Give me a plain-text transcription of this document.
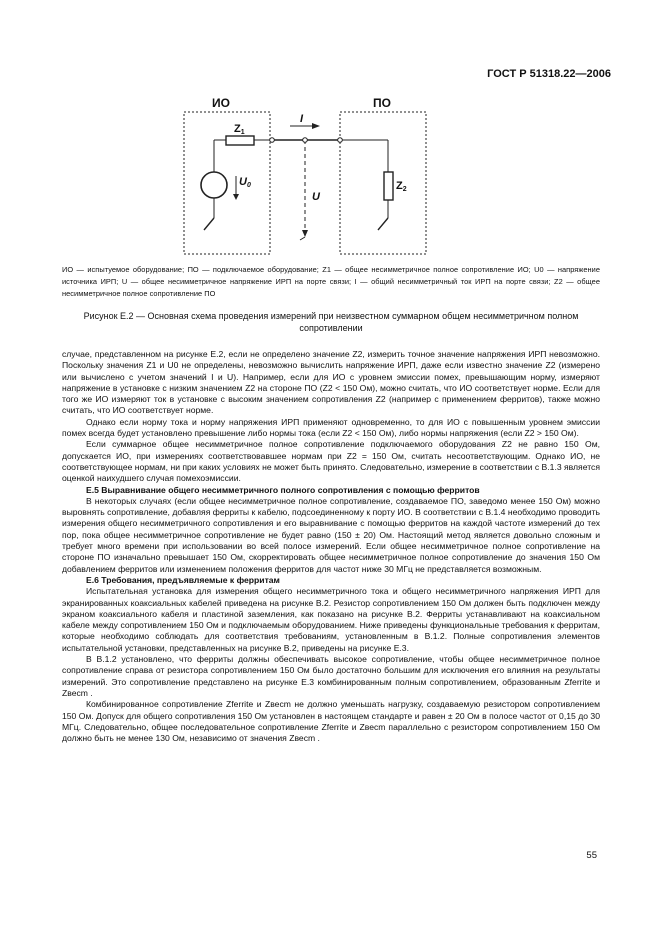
ГОСТ Р 51318.22—2006
ИО	ПО
Z1
Z2
U0
I
U
ИО — испытуемое оборудование; ПО — подключаемое оборудование; Z1 — общее несимметричное полное сопротивление ИО; U0 — напряжение источника ИРП; U — общее несимметричное напряжение ИРП на порте связи; I — общий несимметричный ток ИРП на порте связи; Z2 — общее несимметричное полное сопротивление ПО
Рисунок Е.2 — Основная схема проведения измерений при неизвестном суммарном общем несимметричном полном сопротивлении

случае, представленном на рисунке Е.2, если не определено значение Z2, измерить точное значение напряжения ИРП невозможно. Поскольку значения Z1 и U0 не определены, невозможно вычислить напряжение ИРП, даже если известно значение Z2 (измерено или вычислено с учетом значений I и U). Например, если для ИО с уровнем эмиссии помех, превышающим норму, измеряют напряжение в установке с низким значением Z2 на стороне ПО (Z2 < 150 Ом), можно считать, что ИО соответствует норме. Если для того же ИО измеряют ток в установке с высоким значением сопротивления Z2 (например с применением ферритов), также можно считать, что ИО соответствует норме.

Однако если норму тока и норму напряжения ИРП применяют одновременно, то для ИО с повышенным уровнем эмиссии помех всегда будет установлено превышение либо нормы тока (если Z2 < 150 Ом), либо нормы напряжения (если Z2 > 150 Ом).

Если суммарное общее несимметричное полное сопротивление подключаемого оборудования Z2 не равно 150 Ом, допускается ИО, при измерениях соответствовавшее нормам при Z2 = 150 Ом, считать несоответствующим. Однако ИО, не соответствующее нормам, ни при каких условиях не может быть принято. Следовательно, измерение в соответствии с В.1.3 является оценкой наихудшего случая помехоэмиссии.

Е.5 Выравнивание общего несимметричного полного сопротивления с помощью ферритов

В некоторых случаях (если общее несимметричное полное сопротивление, создаваемое ПО, заведомо менее 150 Ом) можно выровнять сопротивление, добавляя ферриты к кабелю, подсоединенному к порту ИО. В соответствии с В.1.4 необходимо проводить измерения общего несимметричного сопротивления и его выравнивание с помощью ферритов на каждой частоте измерений до тех пор, пока общее несимметричное сопротивление не будет равно (150 ± 20) Ом. Настоящий метод является довольно сложным и требует много времени при использовании во всей полосе измерений. Если общее несимметричное полное сопротивление на стороне ПО изначально превышает 150 Ом, скорректировать общее несимметричное полное сопротивление до значения 150 Ом добавлением ферритов или изменением положения ферритов для частот ниже 30 МГц не представляется возможным.

Е.6 Требования, предъявляемые к ферритам

Испытательная установка для измерения общего несимметричного тока и общего несимметричного напряжения ИРП для экранированных коаксиальных кабелей приведена на рисунке В.2. Резистор сопротивлением 150 Ом должен быть подключен между экраном коаксиального кабеля и пластиной заземления, как показано на рисунке В.2. Ферриты устанавливают на коаксиальном кабеле между сопротивлением 150 Ом и подключаемым оборудованием. Ниже приведены функциональные требования к ферритам, которые необходимо соблюдать для соответствия требованиям, установленным в В.1.2. Полные сопротивления элементов испытательной установки, представленных на рисунке В.2, приведены на рисунке Е.3.

В В.1.2 установлено, что ферриты должны обеспечивать высокое сопротивление, чтобы общее несимметричное полное сопротивление справа от резистора сопротивлением 150 Ом было достаточно большим для исключения его влияния на результаты измерений. Это сопротивление представлено на рисунке Е.3 комбинированным полным сопротивлением, образованным Zferrite и Zвесm .

Комбинированное сопротивление Zferrite и Zвесm не должно уменьшать нагрузку, создаваемую резистором сопротивлением 150 Ом. Допуск для общего сопротивления 150 Ом установлен в настоящем стандарте и равен ± 20 Ом в полосе частот от 0,15 до 30 МГц. Следовательно, общее последовательное сопротивление Zferrite и Zвесm параллельно с резистором сопротивлением 150 Ом должно быть не менее 130 Ом, независимо от значения Zвесm .

55
